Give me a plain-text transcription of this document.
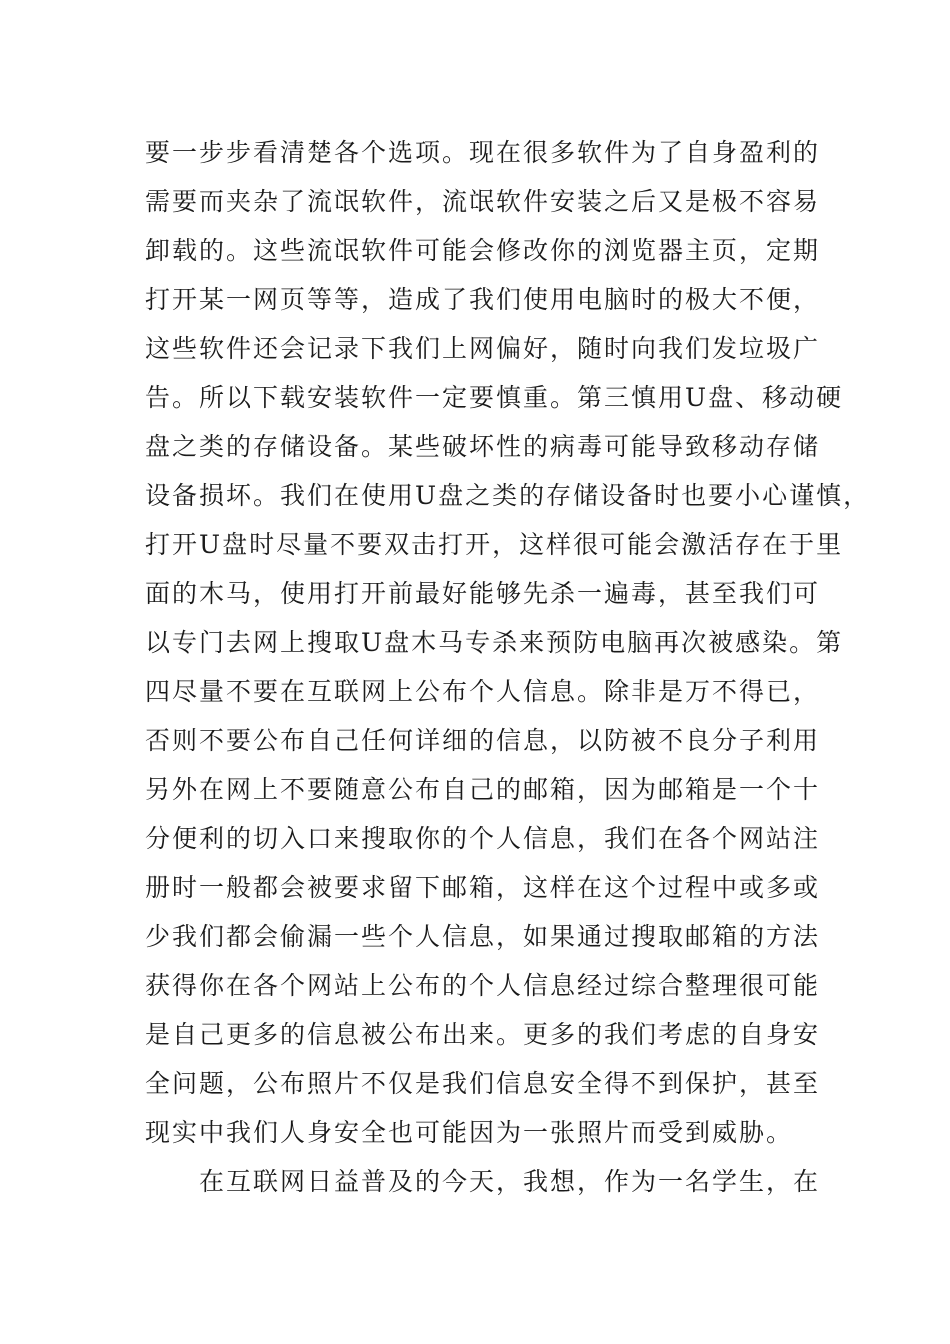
要一步步看清楚各个选项。现在很多软件为了自身盈利的
需要而夹杂了流氓软件，流氓软件安装之后又是极不容易
卸载的。这些流氓软件可能会修改你的浏览器主页，定期
打开某一网页等等，造成了我们使用电脑时的极大不便，
这些软件还会记录下我们上网偏好，随时向我们发垃圾广
告。所以下载安装软件一定要慎重。第三慎用U盘、移动硬
盘之类的存储设备。某些破坏性的病毒可能导致移动存储
设备损坏。我们在使用U盘之类的存储设备时也要小心谨慎，
打开U盘时尽量不要双击打开，这样很可能会激活存在于里
面的木马，使用打开前最好能够先杀一遍毒，甚至我们可
以专门去网上搜取U盘木马专杀来预防电脑再次被感染。第
四尽量不要在互联网上公布个人信息。除非是万不得已，
否则不要公布自己任何详细的信息，以防被不良分子利用
另外在网上不要随意公布自己的邮箱，因为邮箱是一个十
分便利的切入口来搜取你的个人信息，我们在各个网站注
册时一般都会被要求留下邮箱，这样在这个过程中或多或
少我们都会偷漏一些个人信息，如果通过搜取邮箱的方法
获得你在各个网站上公布的个人信息经过综合整理很可能
是自己更多的信息被公布出来。更多的我们考虑的自身安
全问题，公布照片不仅是我们信息安全得不到保护，甚至
现实中我们人身安全也可能因为一张照片而受到威胁。
在互联网日益普及的今天，我想，作为一名学生，在
